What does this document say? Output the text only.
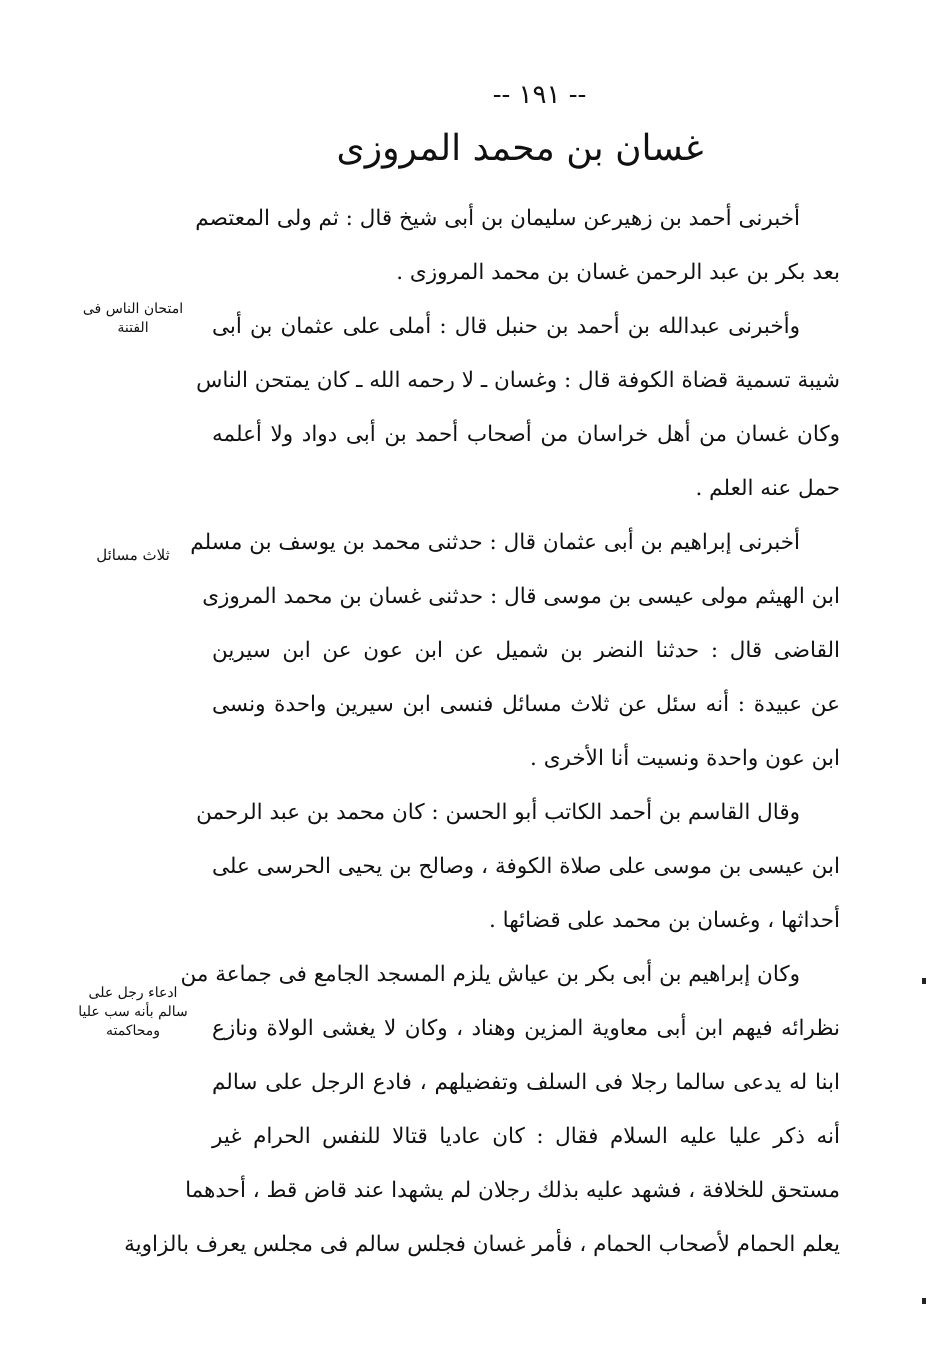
-- ١٩١ --
غسان بن محمد المروزى
أخبرنى أحمد بن زهيرعن سليمان بن أبى شيخ قال : ثم ولى المعتصم
بعد بكر بن عبد الرحمن غسان بن محمد المروزى .
وأخبرنى عبدالله بن أحمد بن حنبل قال : أملى على عثمان بن أبى
شيبة تسمية قضاة الكوفة قال : وغسان ـ لا رحمه الله ـ كان يمتحن الناس
وكان غسان من أهل خراسان من أصحاب أحمد بن أبى دواد ولا أعلمه
حمل عنه العلم .
أخبرنى إبراهيم بن أبى عثمان قال : حدثنى محمد بن يوسف بن مسلم
ابن الهيثم مولى عيسى بن موسى قال : حدثنى غسان بن محمد المروزى
القاضى قال : حدثنا النضر بن شميل عن ابن عون عن ابن سيرين
عن عبيدة : أنه سئل عن ثلاث مسائل فنسى ابن سيرين واحدة ونسى
ابن عون واحدة ونسيت أنا الأخرى .
وقال القاسم بن أحمد الكاتب أبو الحسن : كان محمد بن عبد الرحمن
ابن عيسى بن موسى على صلاة الكوفة ، وصالح بن يحيى الحرسى على
أحداثها ، وغسان بن محمد على قضائها .
وكان إبراهيم بن أبى بكر بن عياش يلزم المسجد الجامع فى جماعة من
نظرائه فيهم ابن أبى معاوية المزين وهناد ، وكان لا يغشى الولاة ونازع
ابنا له يدعى سالما رجلا فى السلف وتفضيلهم ، فادع الرجل على سالم
أنه ذكر عليا عليه السلام فقال : كان عاديا قتالا للنفس الحرام غير
مستحق للخلافة ، فشهد عليه بذلك رجلان لم يشهدا عند قاض قط ، أحدهما
يعلم الحمام لأصحاب الحمام ، فأمر غسان فجلس سالم فى مجلس يعرف بالزاوية
امتحان الناس فى الفتنة
ثلاث مسائل
ادعاء رجل على سالم بأنه سب عليا ومحاكمته
